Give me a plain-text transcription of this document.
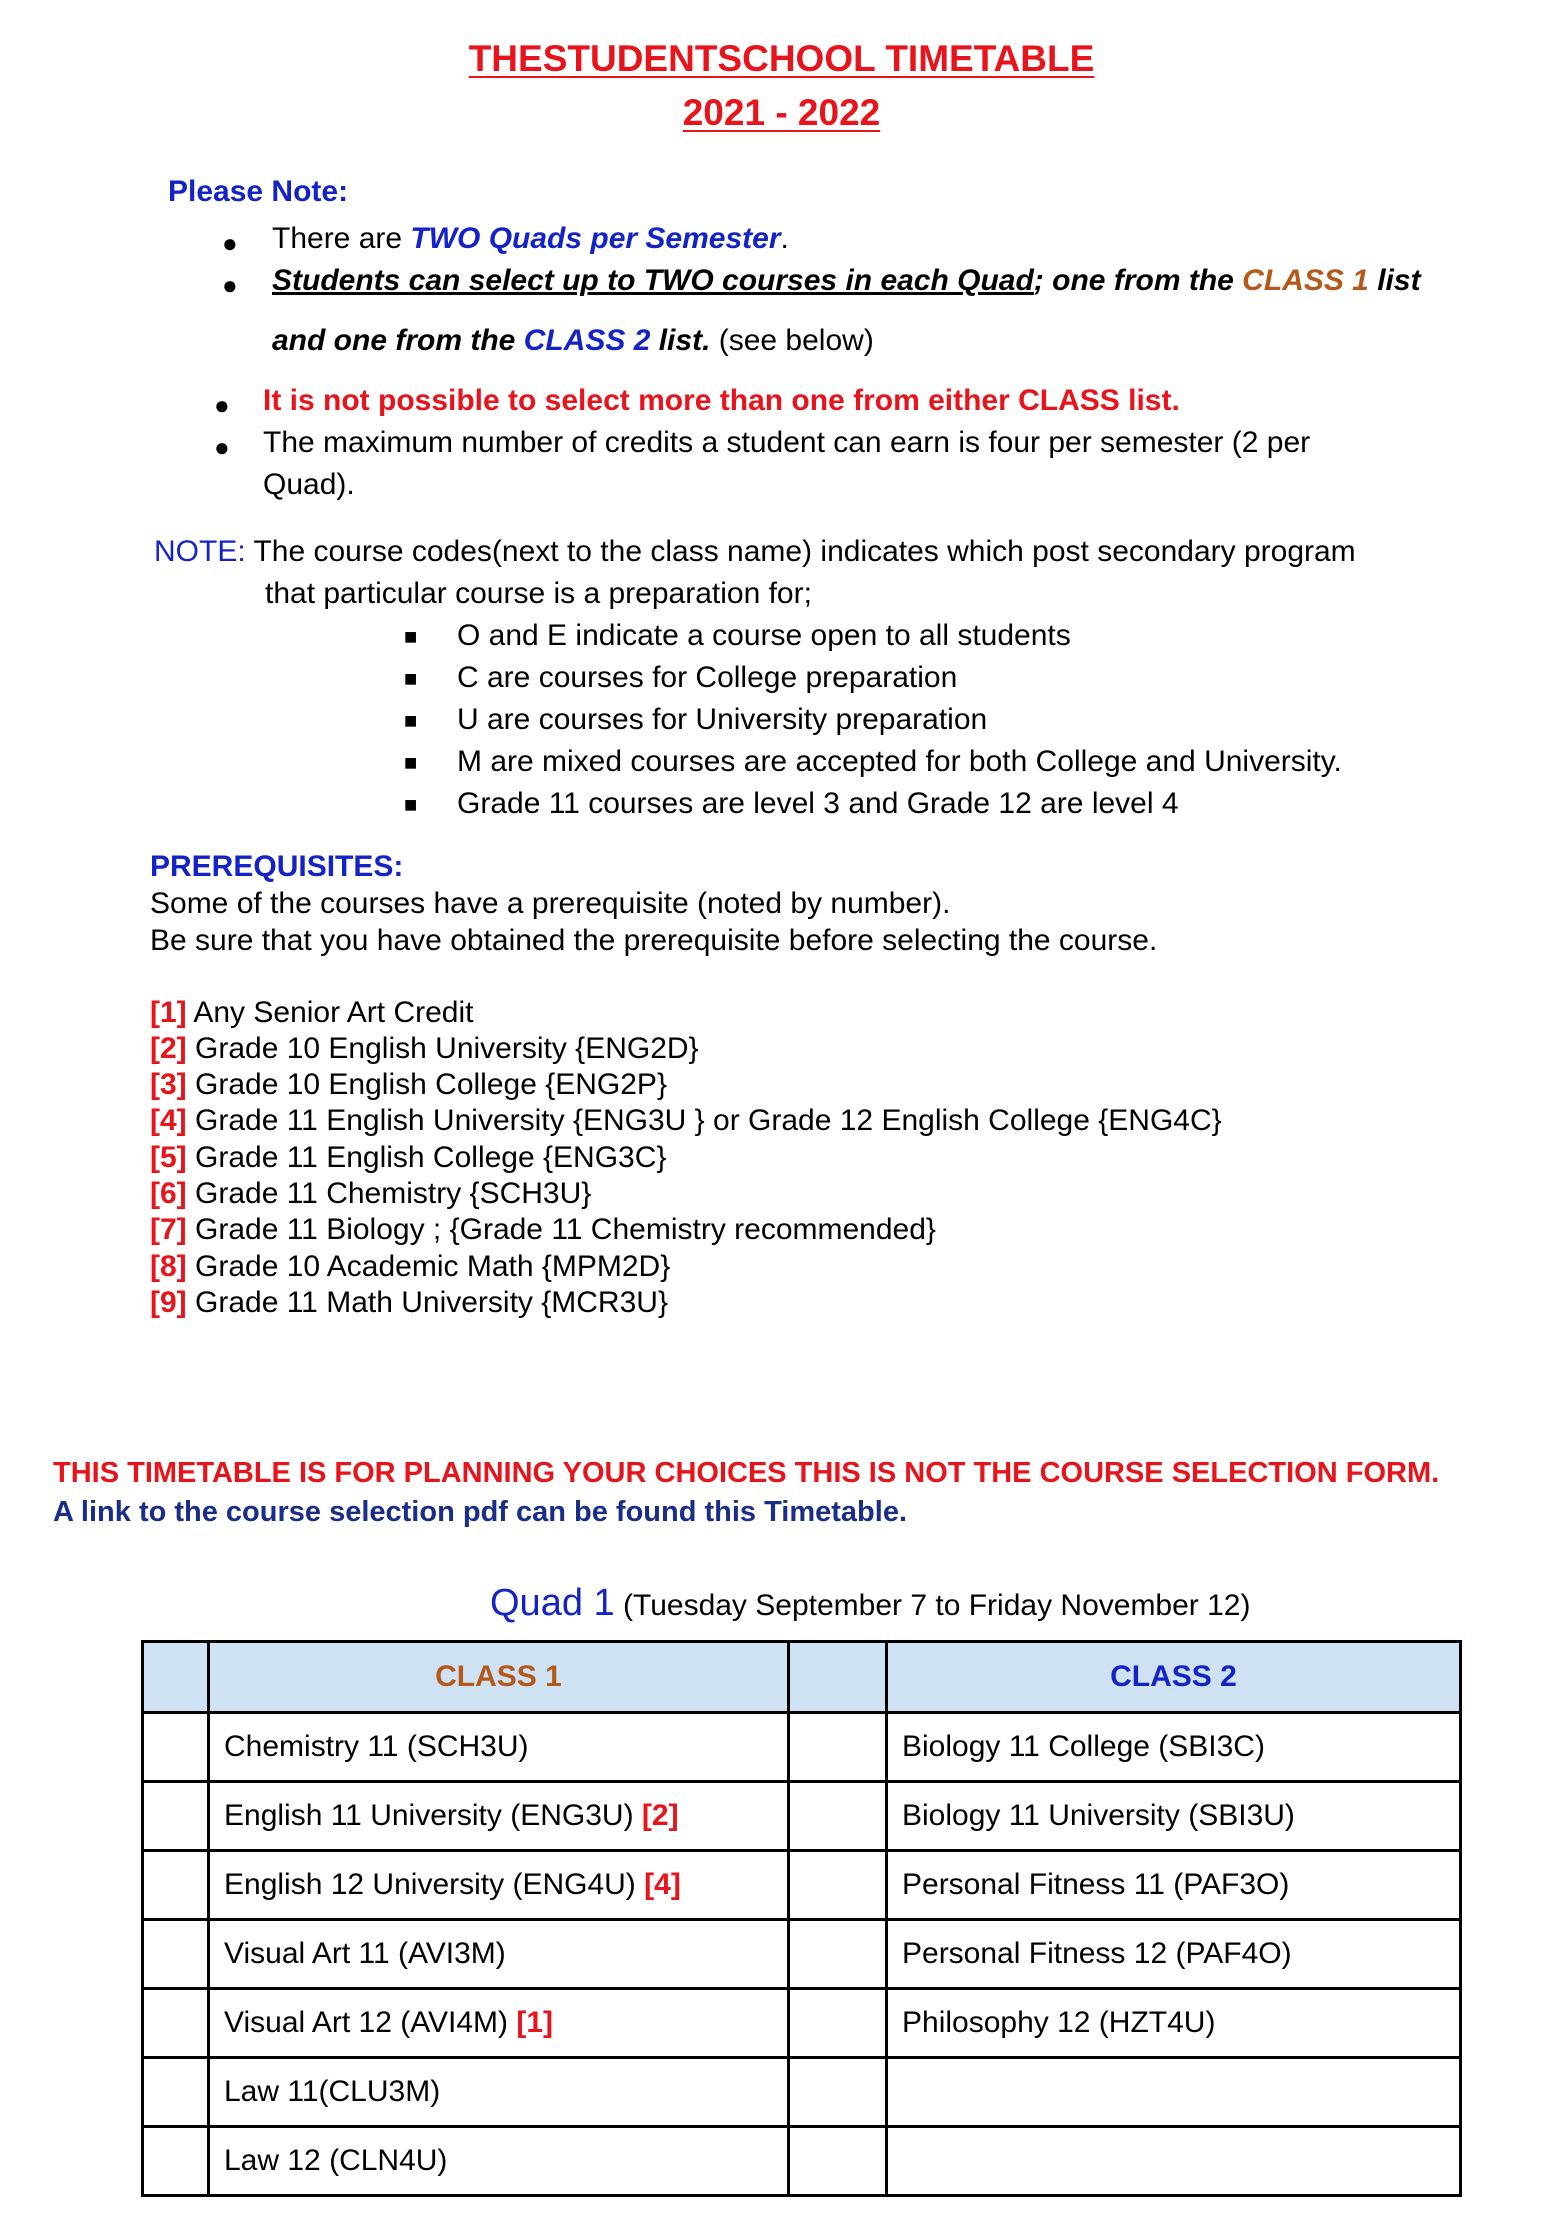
THESTUDENTSCHOOL TIMETABLE
2021 - 2022
Please Note:
● There are TWO Quads per Semester.
● Students can select up to TWO courses in each Quad; one from the CLASS 1 list
and one from the CLASS 2 list. (see below)
● It is not possible to select more than one from either CLASS list.
● The maximum number of credits a student can earn is four per semester (2 per
Quad).
NOTE: The course codes(next to the class name) indicates which post secondary program
that particular course is a preparation for;
■ O and E indicate a course open to all students
■ C are courses for College preparation
■ U are courses for University preparation
■ M are mixed courses are accepted for both College and University.
■ Grade 11 courses are level 3 and Grade 12 are level 4
PREREQUISITES:
Some of the courses have a prerequisite (noted by number).
Be sure that you have obtained the prerequisite before selecting the course.
[1] Any Senior Art Credit
[2] Grade 10 English University {ENG2D}
[3] Grade 10 English College {ENG2P}
[4] Grade 11 English University {ENG3U } or Grade 12 English College {ENG4C}
[5] Grade 11 English College {ENG3C}
[6] Grade 11 Chemistry {SCH3U}
[7] Grade 11 Biology ; {Grade 11 Chemistry recommended}
[8] Grade 10 Academic Math {MPM2D}
[9] Grade 11 Math University {MCR3U}
THIS TIMETABLE IS FOR PLANNING YOUR CHOICES THIS IS NOT THE COURSE SELECTION FORM.
A link to the course selection pdf can be found this Timetable.
Quad 1 (Tuesday September 7 to Friday November 12)
	CLASS 1		CLASS 2
	Chemistry 11 (SCH3U)		Biology 11 College (SBI3C)
	English 11 University (ENG3U) [2]		Biology 11 University (SBI3U)
	English 12 University (ENG4U) [4]		Personal Fitness 11 (PAF3O)
	Visual Art 11 (AVI3M)		Personal Fitness 12 (PAF4O)
	Visual Art 12 (AVI4M) [1]		Philosophy 12 (HZT4U)
	Law 11(CLU3M)		
	Law 12 (CLN4U)		
